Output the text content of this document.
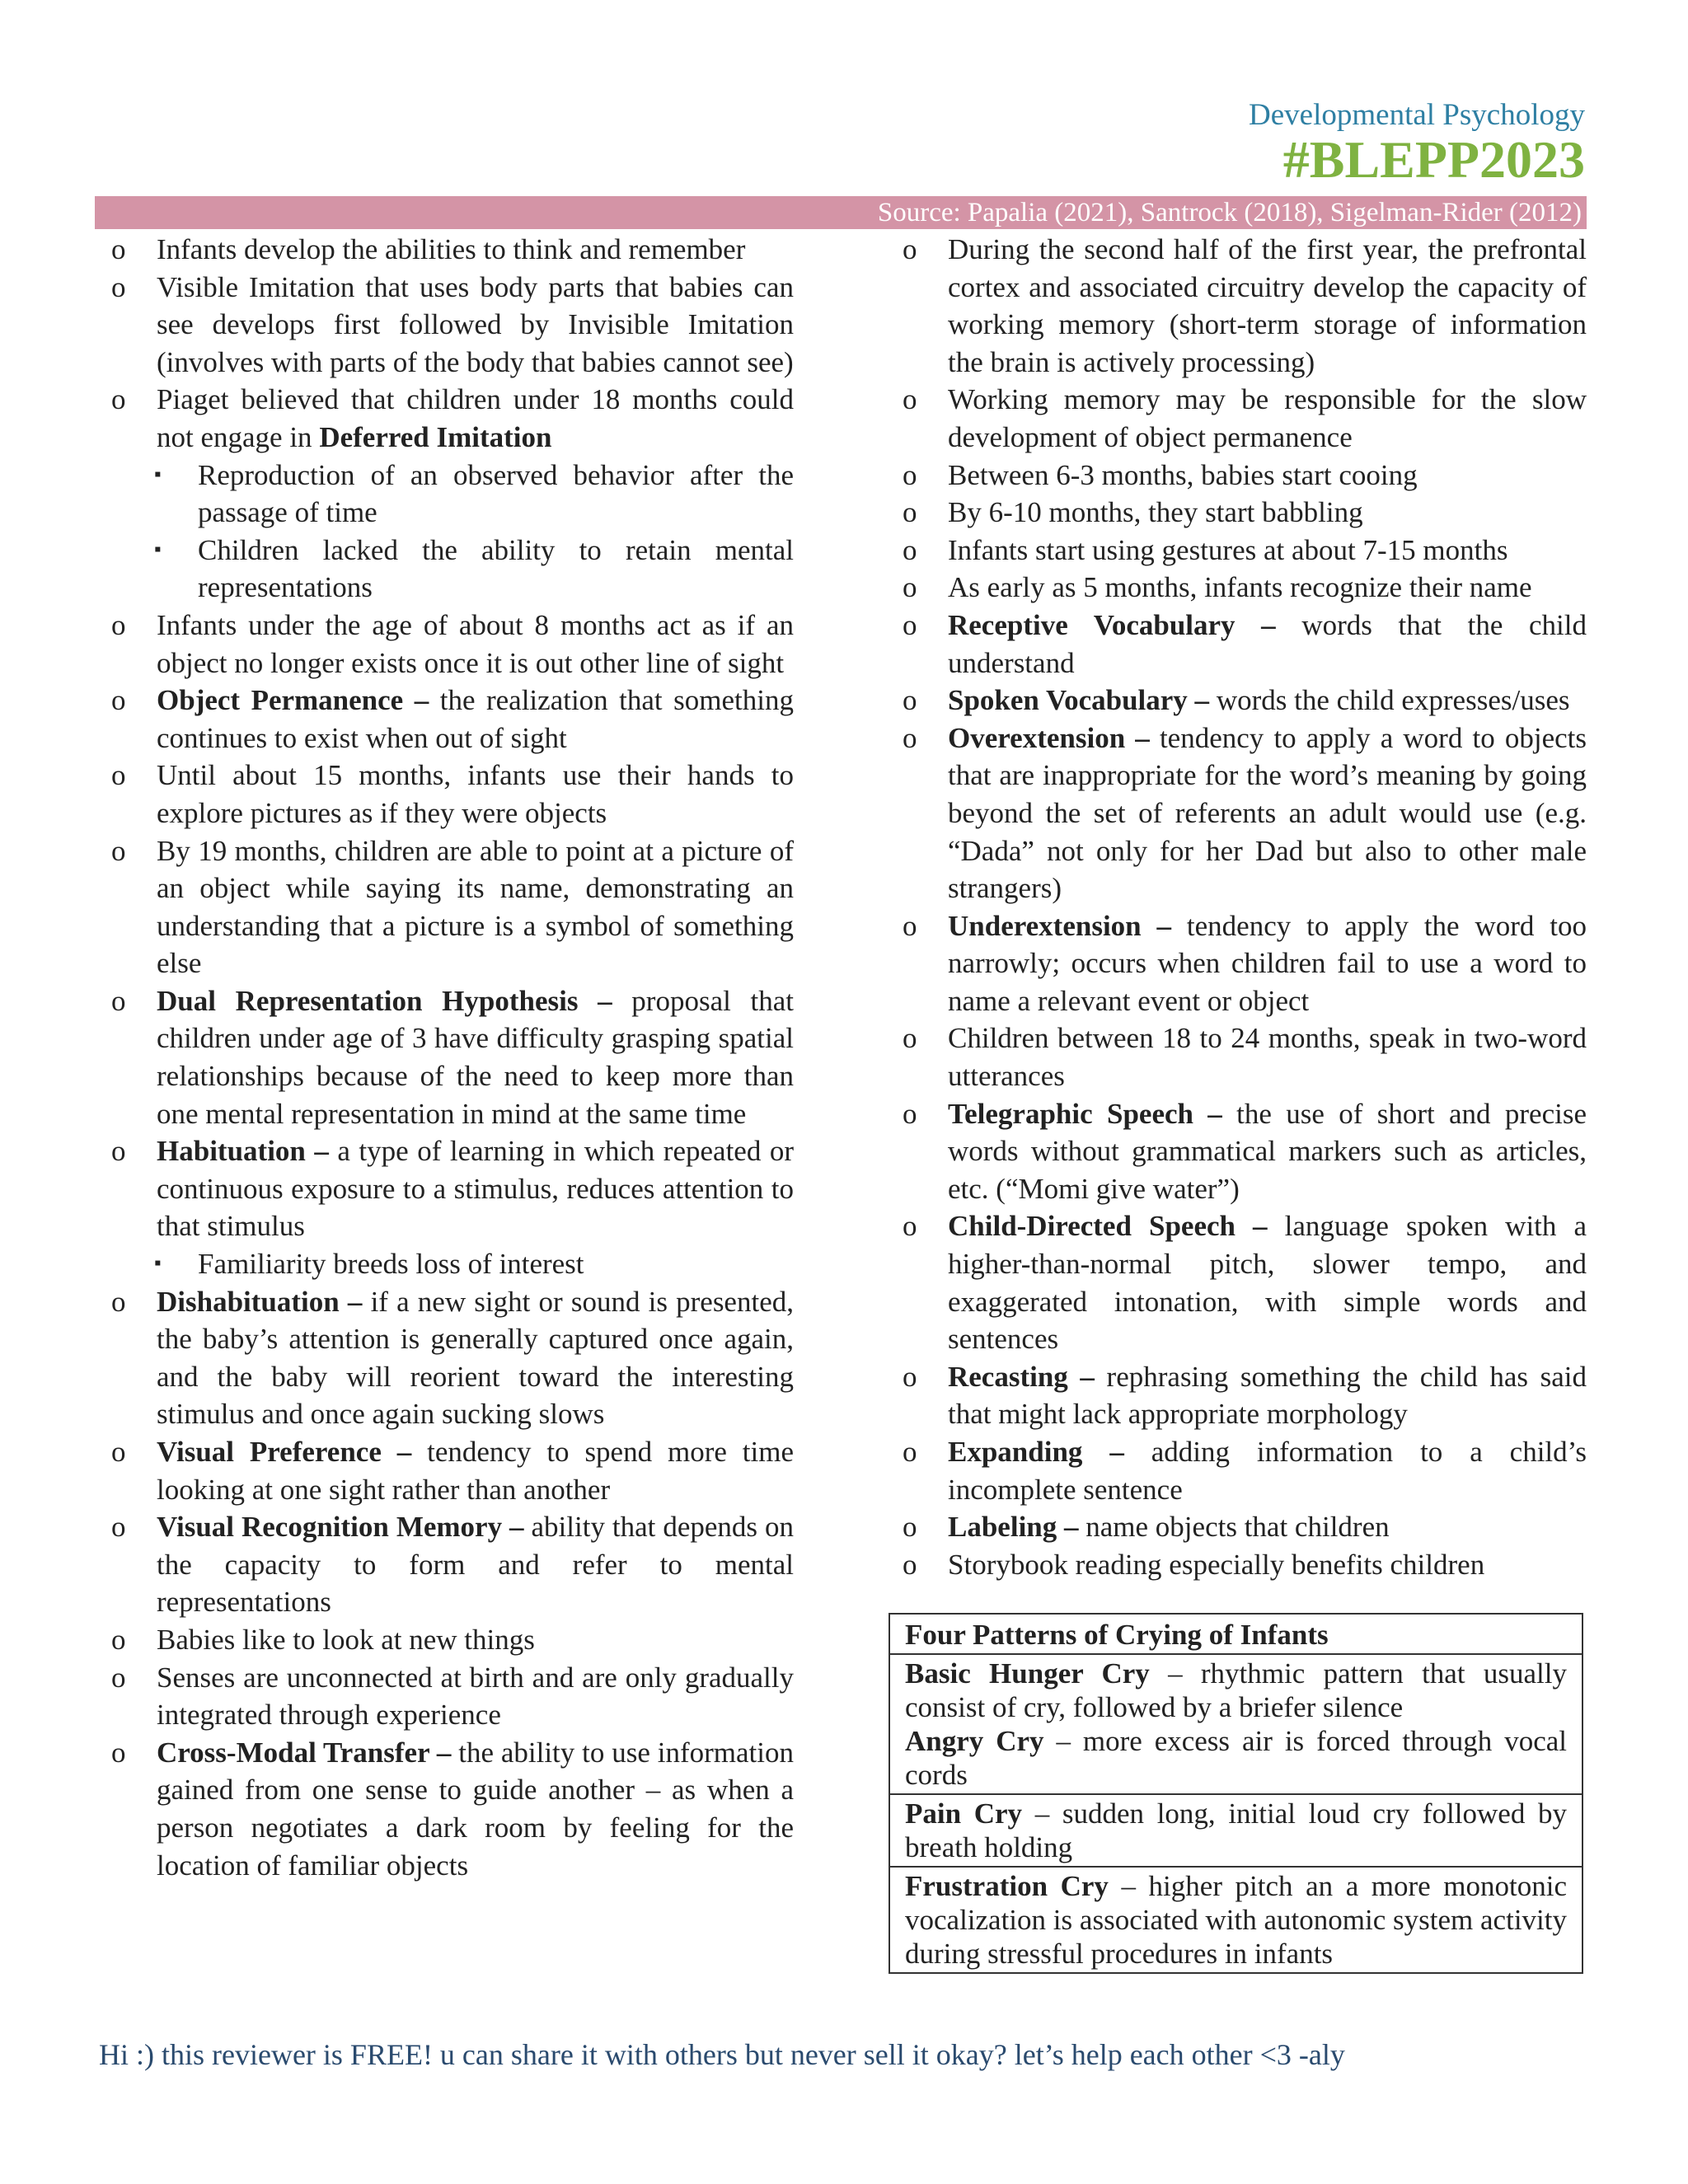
Developmental Psychology
#BLEPP2023
Source: Papalia (2021), Santrock (2018), Sigelman-Rider (2012)
o Infants develop the abilities to think and remember
o Visible Imitation that uses body parts that babies can see develops first followed by Invisible Imitation (involves with parts of the body that babies cannot see)
o Piaget believed that children under 18 months could not engage in Deferred Imitation
▪ Reproduction of an observed behavior after the passage of time
▪ Children lacked the ability to retain mental representations
o Infants under the age of about 8 months act as if an object no longer exists once it is out other line of sight
o Object Permanence – the realization that something continues to exist when out of sight
o Until about 15 months, infants use their hands to explore pictures as if they were objects
o By 19 months, children are able to point at a picture of an object while saying its name, demonstrating an understanding that a picture is a symbol of something else
o Dual Representation Hypothesis – proposal that children under age of 3 have difficulty grasping spatial relationships because of the need to keep more than one mental representation in mind at the same time
o Habituation – a type of learning in which repeated or continuous exposure to a stimulus, reduces attention to that stimulus
▪ Familiarity breeds loss of interest
o Dishabituation – if a new sight or sound is presented, the baby’s attention is generally captured once again, and the baby will reorient toward the interesting stimulus and once again sucking slows
o Visual Preference – tendency to spend more time looking at one sight rather than another
o Visual Recognition Memory – ability that depends on the capacity to form and refer to mental representations
o Babies like to look at new things
o Senses are unconnected at birth and are only gradually integrated through experience
o Cross-Modal Transfer – the ability to use information gained from one sense to guide another – as when a person negotiates a dark room by feeling for the location of familiar objects
o During the second half of the first year, the prefrontal cortex and associated circuitry develop the capacity of working memory (short-term storage of information the brain is actively processing)
o Working memory may be responsible for the slow development of object permanence
o Between 6-3 months, babies start cooing
o By 6-10 months, they start babbling
o Infants start using gestures at about 7-15 months
o As early as 5 months, infants recognize their name
o Receptive Vocabulary – words that the child understand
o Spoken Vocabulary – words the child expresses/uses
o Overextension – tendency to apply a word to objects that are inappropriate for the word’s meaning by going beyond the set of referents an adult would use (e.g. “Dada” not only for her Dad but also to other male strangers)
o Underextension – tendency to apply the word too narrowly; occurs when children fail to use a word to name a relevant event or object
o Children between 18 to 24 months, speak in two-word utterances
o Telegraphic Speech – the use of short and precise words without grammatical markers such as articles, etc. (“Momi give water”)
o Child-Directed Speech – language spoken with a higher-than-normal pitch, slower tempo, and exaggerated intonation, with simple words and sentences
o Recasting – rephrasing something the child has said that might lack appropriate morphology
o Expanding – adding information to a child’s incomplete sentence
o Labeling – name objects that children
o Storybook reading especially benefits children
Four Patterns of Crying of Infants

Basic Hunger Cry – rhythmic pattern that usually consist of cry, followed by a briefer silence
Angry Cry – more excess air is forced through vocal cords

Pain Cry – sudden long, initial loud cry followed by breath holding

Frustration Cry – higher pitch an a more monotonic vocalization is associated with autonomic system activity during stressful procedures in infants
Hi :) this reviewer is FREE! u can share it with others but never sell it okay? let’s help each other <3 -aly
